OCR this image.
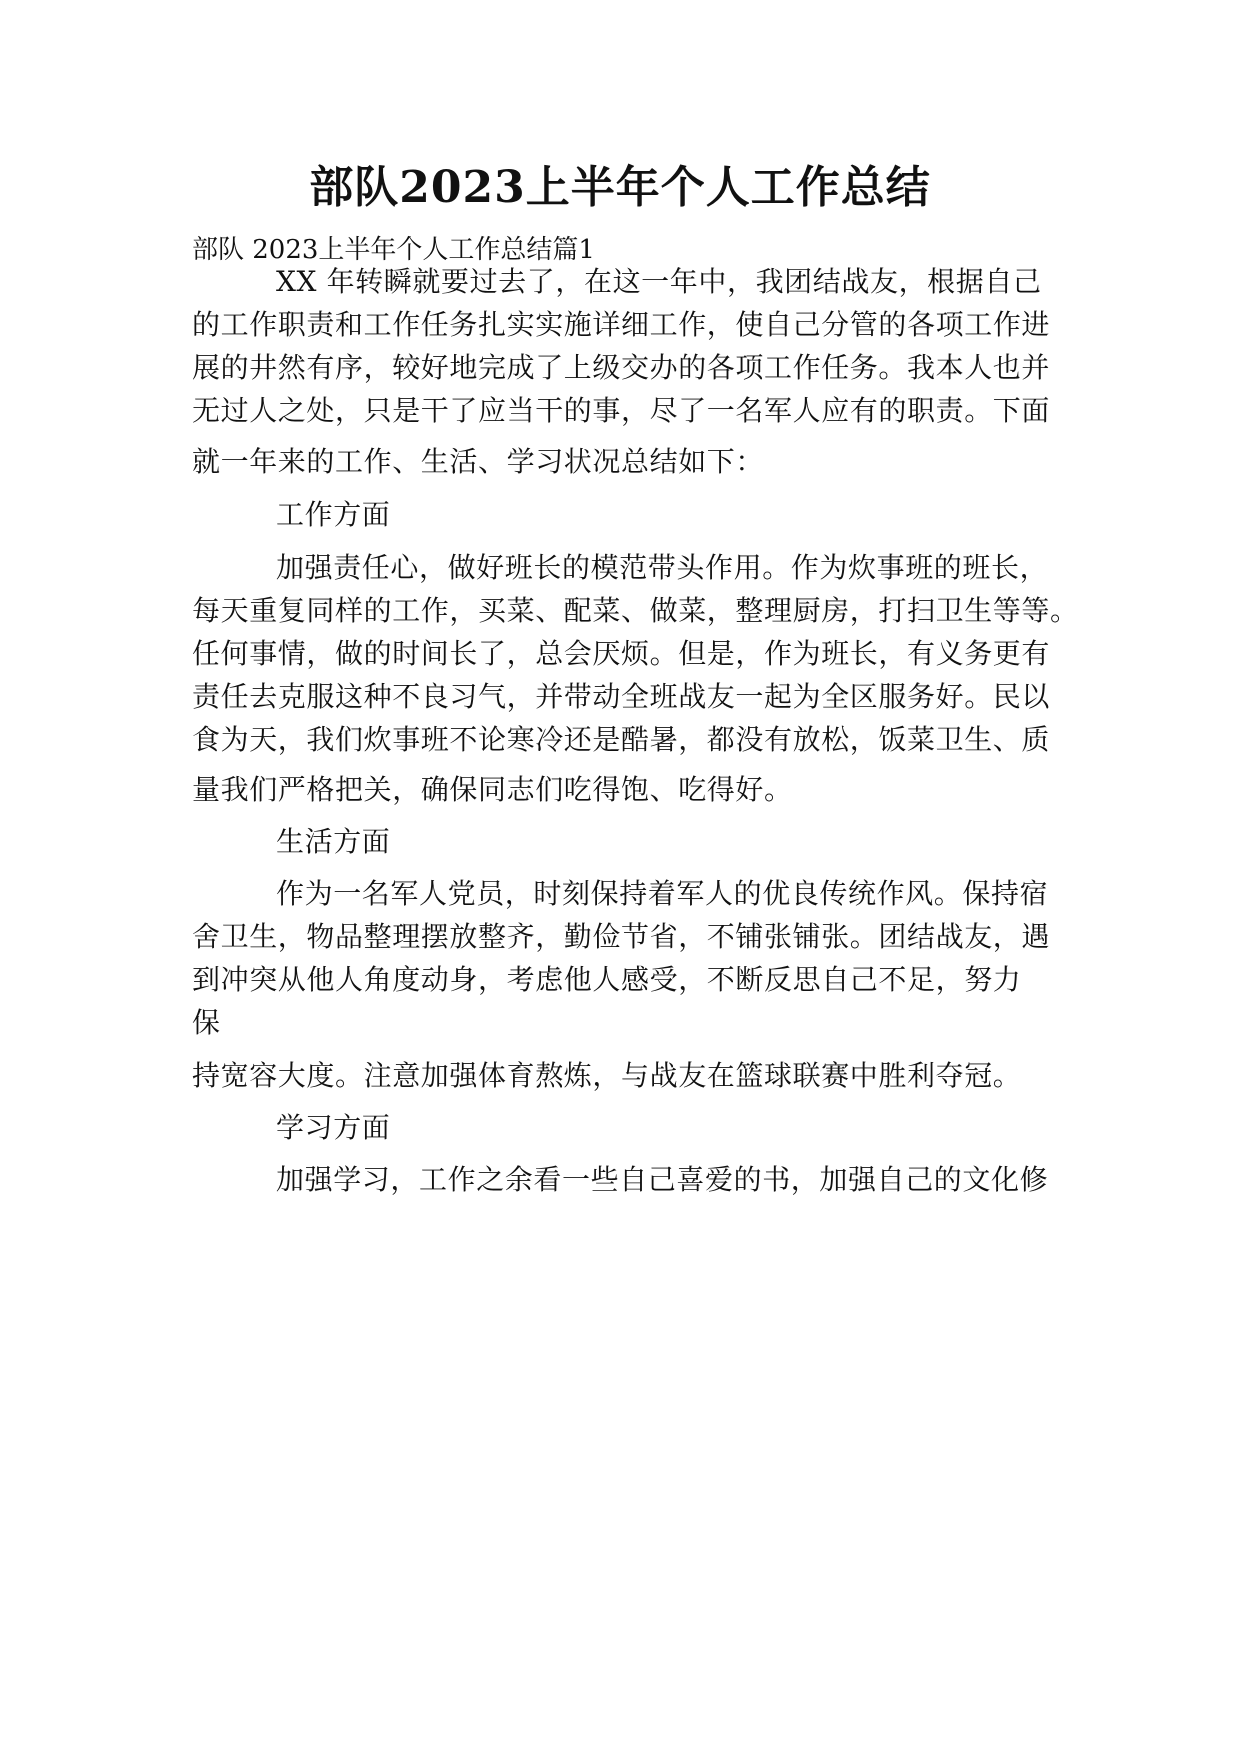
部队2023上半年个人工作总结

部队 2023上半年个人工作总结篇1

XX 年转瞬就要过去了，在这一年中，我团结战友，根据自己

的工作职责和工作任务扎实实施详细工作，使自己分管的各项工作进

展的井然有序，较好地完成了上级交办的各项工作任务。我本人也并

无过人之处，只是干了应当干的事，尽了一名军人应有的职责。下面

就一年来的工作、生活、学习状况总结如下：

工作方面

加强责任心，做好班长的模范带头作用。作为炊事班的班长，

每天重复同样的工作，买菜、配菜、做菜，整理厨房，打扫卫生等等。

任何事情，做的时间长了，总会厌烦。但是，作为班长，有义务更有

责任去克服这种不良习气，并带动全班战友一起为全区服务好。民以

食为天，我们炊事班不论寒冷还是酷暑，都没有放松，饭菜卫生、质

量我们严格把关，确保同志们吃得饱、吃得好。

生活方面

作为一名军人党员，时刻保持着军人的优良传统作风。保持宿

舍卫生，物品整理摆放整齐，勤俭节省，不铺张铺张。团结战友，遇

到冲突从他人角度动身，考虑他人感受，不断反思自己不足，努力

保

持宽容大度。注意加强体育熬炼，与战友在篮球联赛中胜利夺冠。

学习方面

加强学习，工作之余看一些自己喜爱的书，加强自己的文化修
